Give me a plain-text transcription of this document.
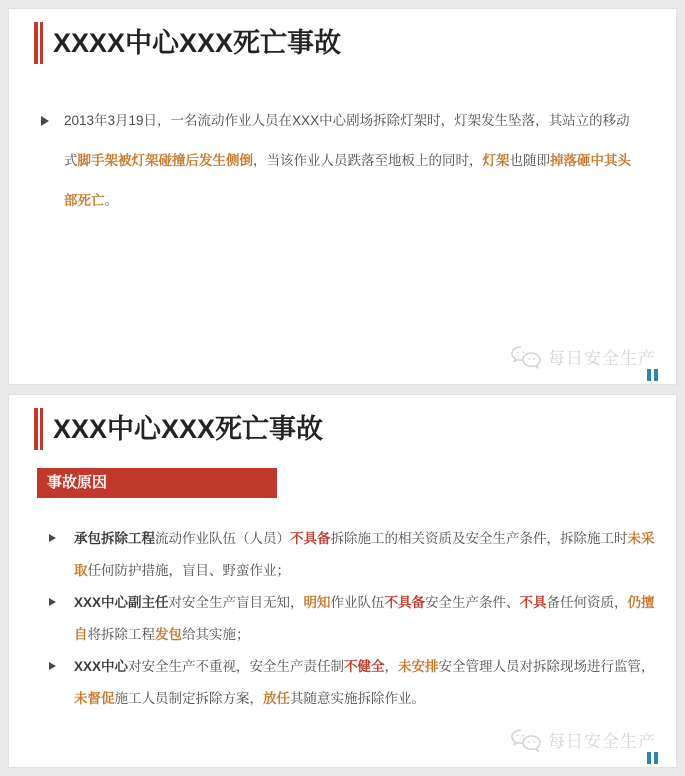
XXXX中心XXX死亡事故

2013年3月19日，一名流动作业人员在XXX中心剧场拆除灯架时，灯架发生坠落，其站立的移动式脚手架被灯架碰撞后发生侧倒，当该作业人员跌落至地板上的同时，灯架也随即掉落砸中其头部死亡。

每日安全生产
XXX中心XXX死亡事故
事故原因

承包拆除工程流动作业队伍（人员）不具备拆除施工的相关资质及安全生产条件，拆除施工时未采取任何防护措施，盲目、野蛮作业；

XXX中心副主任对安全生产盲目无知，明知作业队伍不具备安全生产条件、不具备任何资质，仍擅自将拆除工程发包给其实施；

XXX中心对安全生产不重视，安全生产责任制不健全，未安排安全管理人员对拆除现场进行监管，未督促施工人员制定拆除方案，放任其随意实施拆除作业。

每日安全生产
